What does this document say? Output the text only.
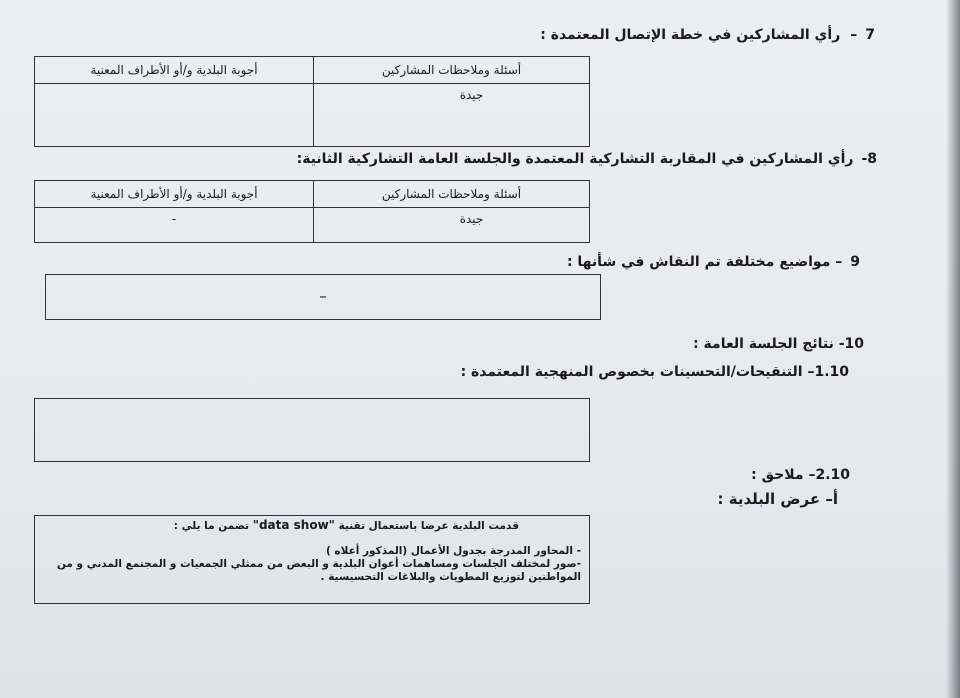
7–رأي المشاركين في خطة الإتصال المعتمدة :
أسئلة وملاحظات المشاركين	أجوبة البلدية و/أو الأطراف المعنية

جيدة	

8-رأي المشاركين في المقاربة التشاركية المعتمدة والجلسة العامة التشاركية الثانية:
أسئلة وملاحظات المشاركين	أجوبة البلدية و/أو الأطراف المعنية

جيدة	-
9– مواضيع مختلفة تم النقاش في شأنها :
–
10- نتائج الجلسة العامة :
1.10– التنقيحات/التحسينات بخصوص المنهجية المعتمدة :
2.10– ملاحق :
أ– عرض البلدية :
قدمت البلدية عرضا باستعمال تقنية "data show" تضمن ما يلي :
- المحاور المدرجة بجدول الأعمال (المذكور أعلاه )
-صور لمختلف الجلسات ومساهمات أعوان البلدية و البعض من ممثلي الجمعيات و المجتمع المدني و من المواطنين لتوزيع المطويات والبلاغات التحسيسية .
